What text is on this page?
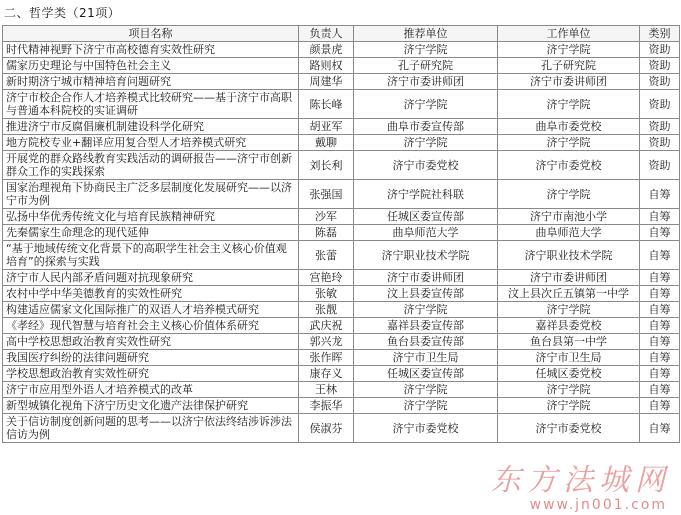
二、哲学类（21项）
项目名称	负责人	推荐单位	工作单位	类别
时代精神视野下济宁市高校德育实效性研究	颜景虎	济宁学院	济宁学院	资助
儒家历史理论与中国特色社会主义	路则权	孔子研究院	孔子研究院	资助
新时期济宁城市精神培育问题研究	周建华	济宁市委讲师团	济宁市委讲师团	资助
济宁市校企合作人才培养模式比较研究——基于济宁市高职与普通本科院校的实证调研	陈长峰	济宁学院	济宁学院	资助
推进济宁市反腐倡廉机制建设科学化研究	胡亚军	曲阜市委宣传部	曲阜市委党校	资助
地方院校专业+翻译应用复合型人才培养模式研究	戴聊	济宁学院	济宁学院	资助
开展党的群众路线教育实践活动的调研报告——济宁市创新群众工作的实践探索	刘长利	济宁市委党校	济宁市委党校	资助
国家治理视角下协商民主广泛多层制度化发展研究——以济宁市为例	张强国	济宁学院社科联	济宁学院	自筹
弘扬中华优秀传统文化与培育民族精神研究	沙军	任城区委宣传部	济宁市南池小学	自筹
先秦儒家生命理念的现代延伸	陈磊	曲阜师范大学	曲阜师范大学	自筹
“基于地域传统文化背景下的高职学生社会主义核心价值观培育”的探索与实践	张蕾	济宁职业技术学院	济宁职业技术学院	自筹
济宁市人民内部矛盾问题对抗现象研究	宫艳玲	济宁市委讲师团	济宁市委讲师团	自筹
农村中学中华美德教育的实效性研究	张敏	汶上县委宣传部	汶上县次丘五镇第一中学	自筹
构建适应儒家文化国际推广的双语人才培养模式研究	张靓	济宁学院	济宁学院	自筹
《孝经》现代智慧与培育社会主义核心价值体系研究	武庆祝	嘉祥县委宣传部	嘉祥县委党校	自筹
高中学校思想政治教育实效性研究	郭兴龙	鱼台县委宣传部	鱼台县第一中学	自筹
我国医疗纠纷的法律问题研究	张作晖	济宁市卫生局	济宁市卫生局	自筹
学校思想政治教育实效性研究	康存义	任城区委宣传部	任城区委党校	自筹
济宁市应用型外语人才培养模式的改革	王林	济宁学院	济宁学院	自筹
新型城镇化视角下济宁历史文化遗产法律保护研究	李振华	济宁学院	济宁学院	自筹
关于信访制度创新问题的思考——以济宁依法终结涉诉涉法信访为例	侯淑芬	济宁市委党校	济宁市委党校	自筹
东方法城网
www.jn001.com
